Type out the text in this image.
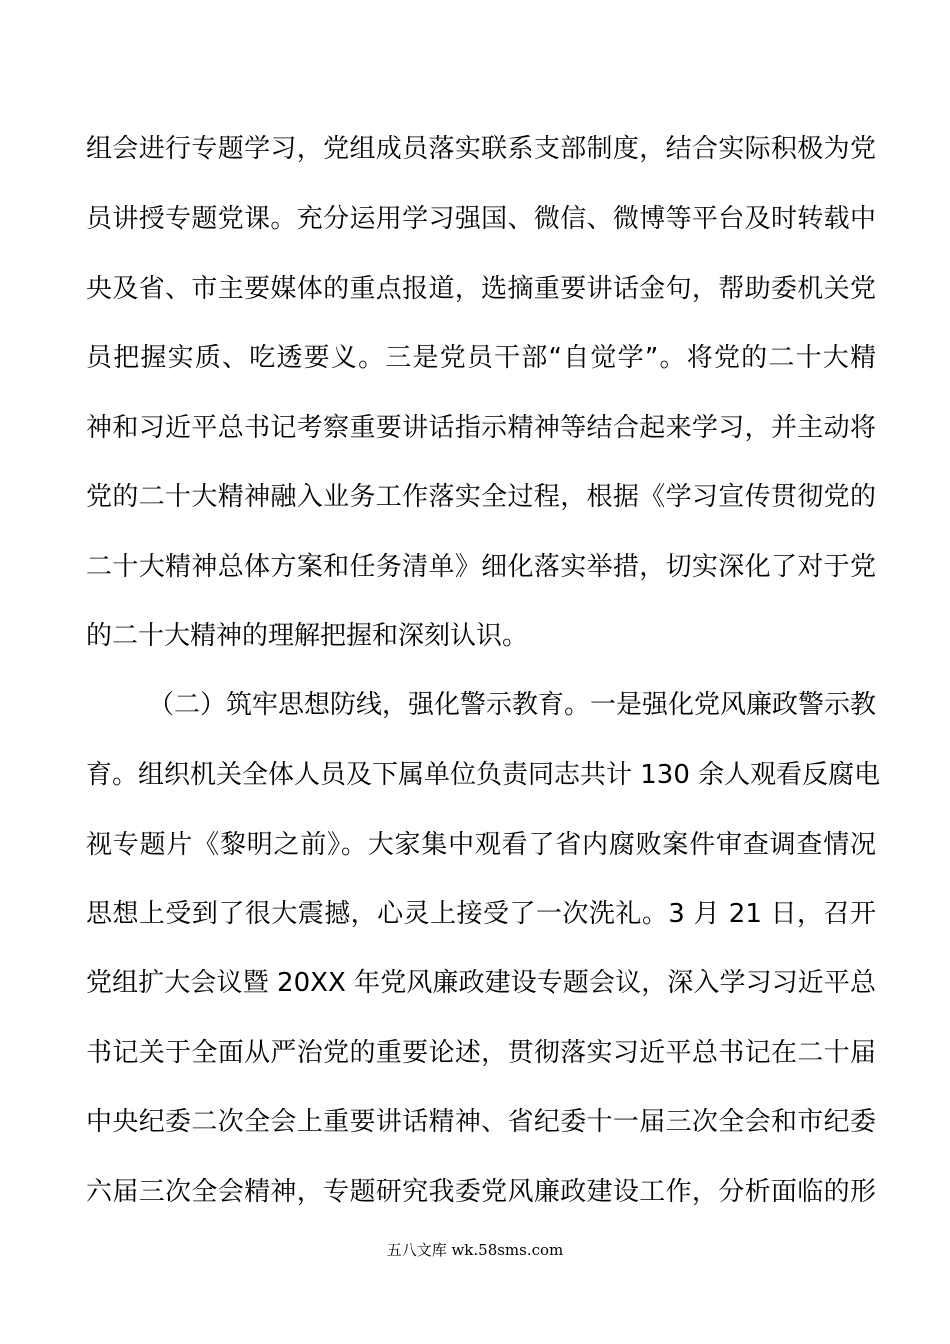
组会进行专题学习，党组成员落实联系支部制度，结合实际积极为党
员讲授专题党课。充分运用学习强国、微信、微博等平台及时转载中
央及省、市主要媒体的重点报道，选摘重要讲话金句，帮助委机关党
员把握实质、吃透要义。三是党员干部“自觉学”。将党的二十大精
神和习近平总书记考察重要讲话指示精神等结合起来学习，并主动将
党的二十大精神融入业务工作落实全过程，根据《学习宣传贯彻党的
二十大精神总体方案和任务清单》细化落实举措，切实深化了对于党
的二十大精神的理解把握和深刻认识。
（二）筑牢思想防线，强化警示教育。一是强化党风廉政警示教
育。组织机关全体人员及下属单位负责同志共计 130 余人观看反腐电
视专题片《黎明之前》。大家集中观看了省内腐败案件审查调查情况
思想上受到了很大震撼，心灵上接受了一次洗礼。3 月 21 日，召开
党组扩大会议暨 20XX 年党风廉政建设专题会议，深入学习习近平总
书记关于全面从严治党的重要论述，贯彻落实习近平总书记在二十届
中央纪委二次全会上重要讲话精神、省纪委十一届三次全会和市纪委
六届三次全会精神，专题研究我委党风廉政建设工作，分析面临的形
五八文库 wk.58sms.com
